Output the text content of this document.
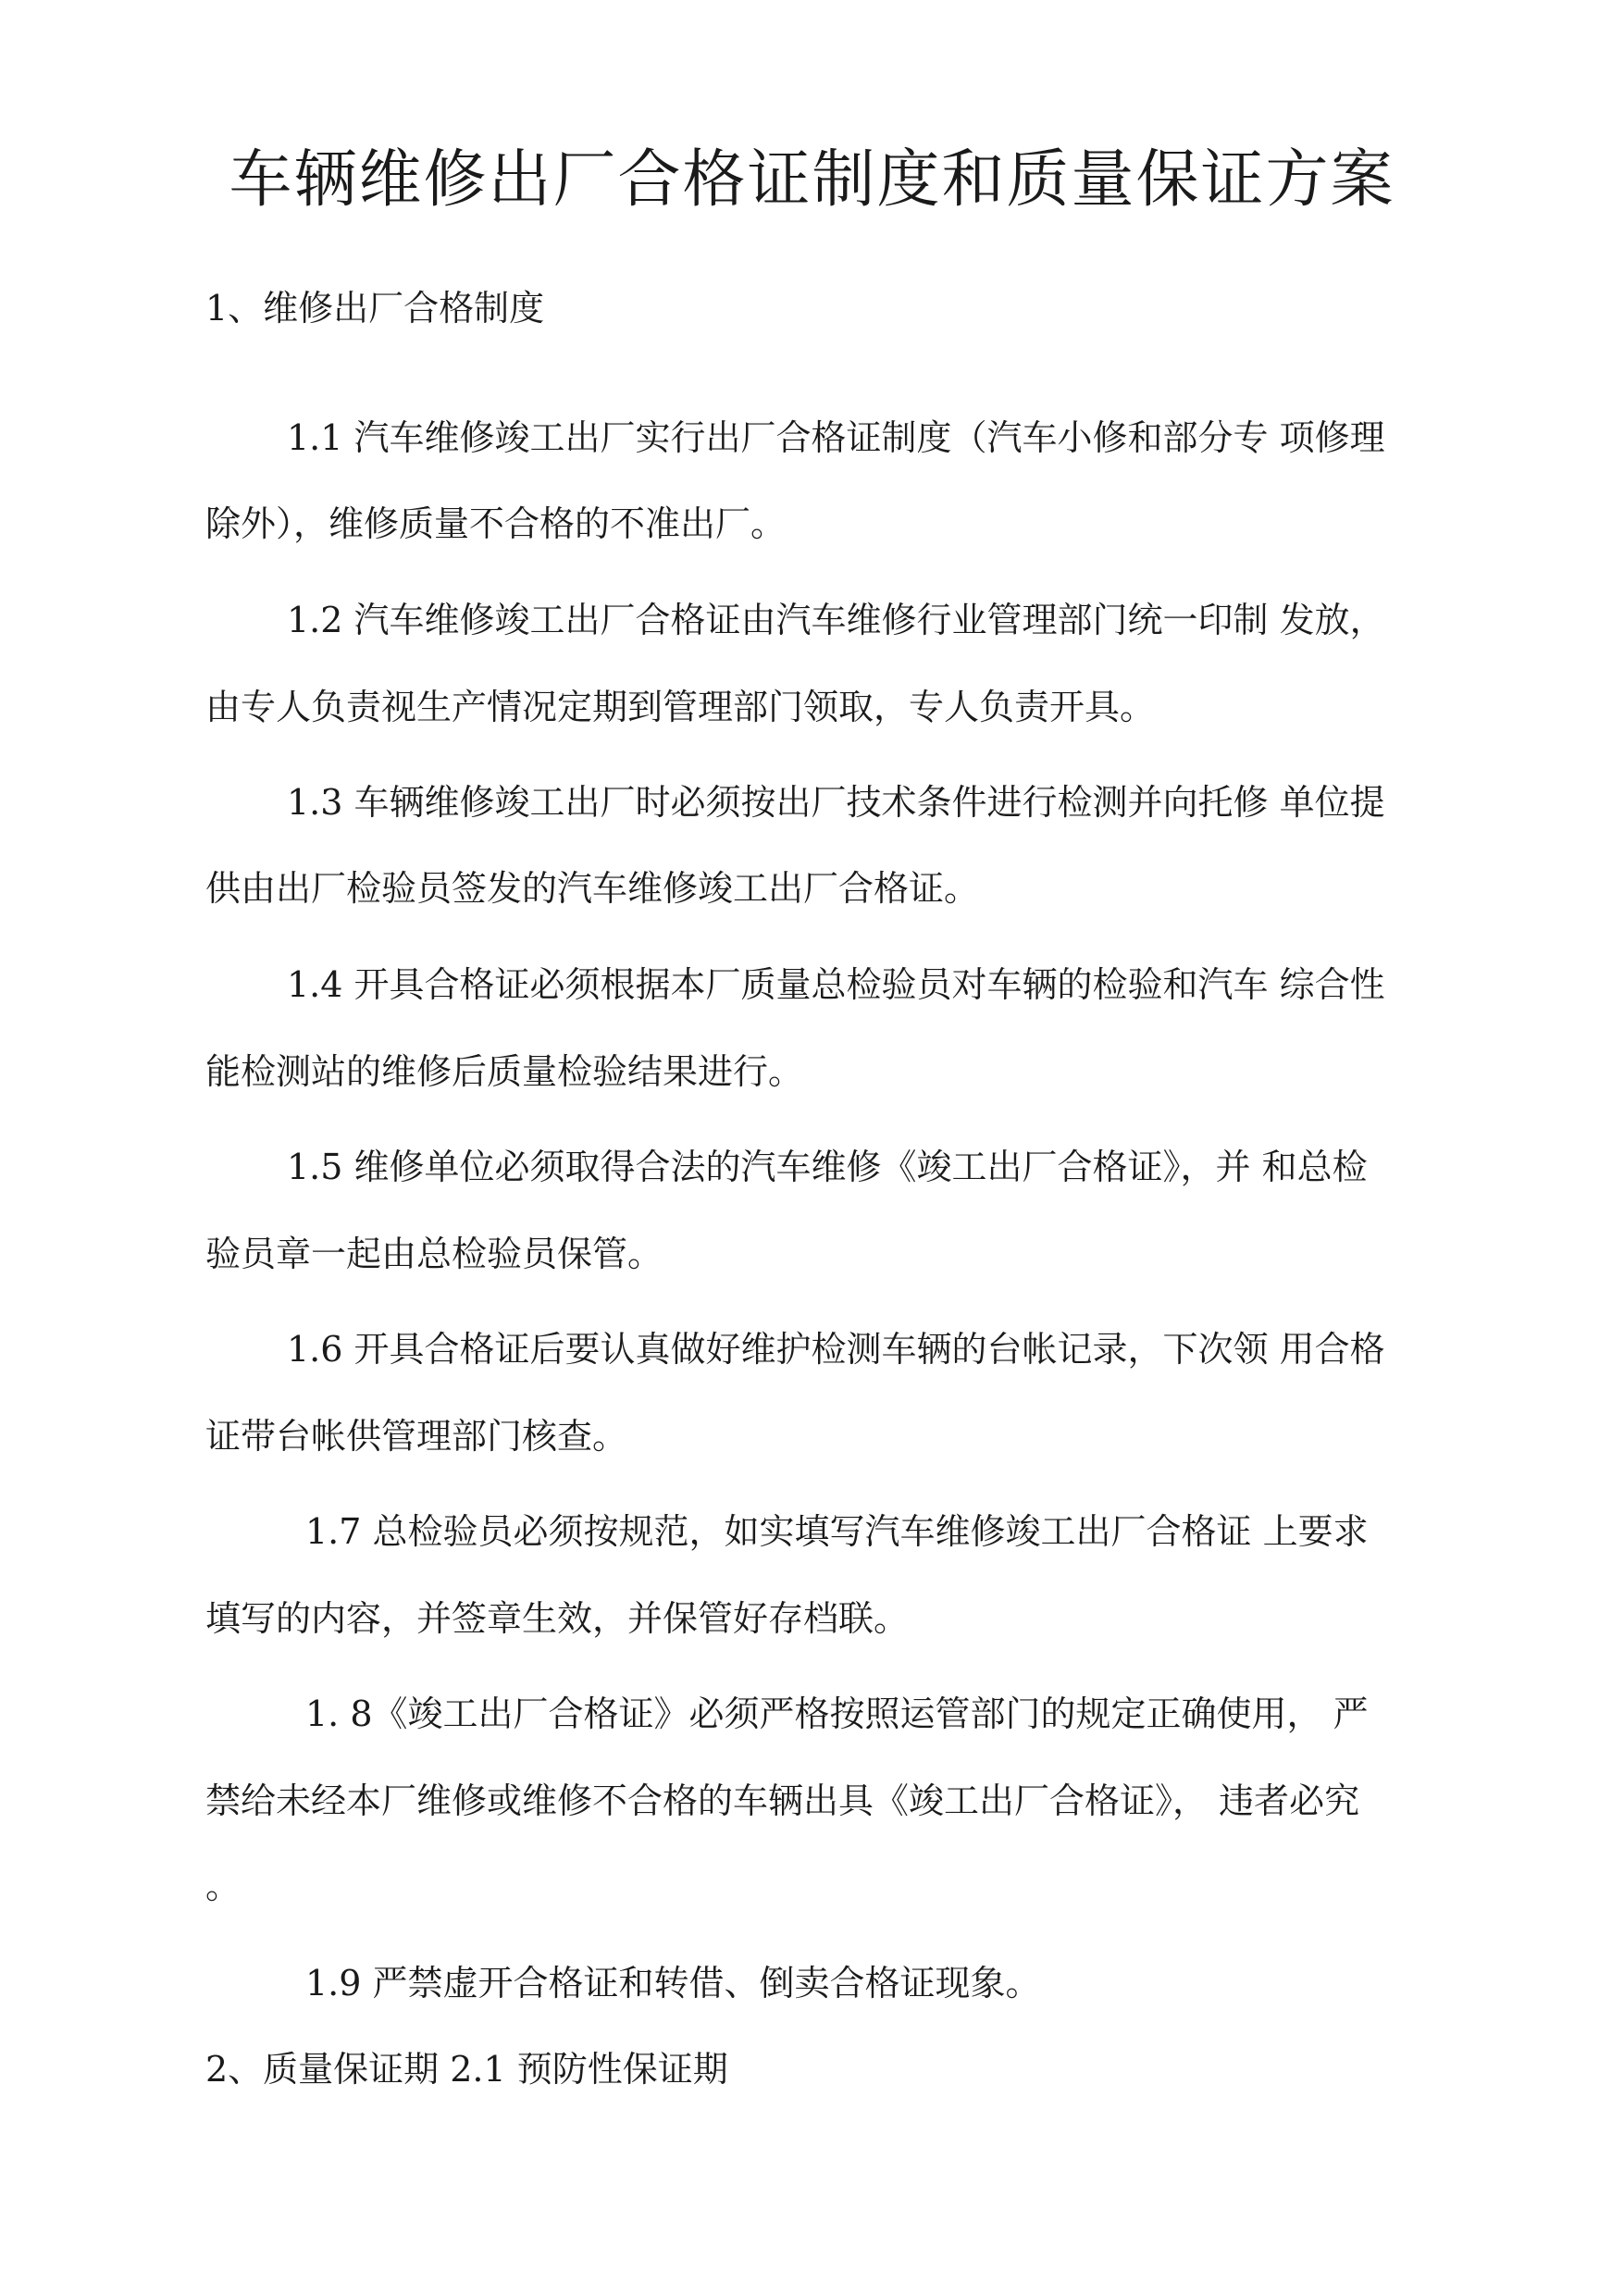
车辆维修出厂合格证制度和质量保证方案
1、维修出厂合格制度
1.1 汽车维修竣工出厂实行出厂合格证制度（汽车小修和部分专 项修理
除外），维修质量不合格的不准出厂。
1.2 汽车维修竣工出厂合格证由汽车维修行业管理部门统一印制 发放，
由专人负责视生产情况定期到管理部门领取，专人负责开具。
1.3 车辆维修竣工出厂时必须按出厂技术条件进行检测并向托修 单位提
供由出厂检验员签发的汽车维修竣工出厂合格证。
1.4 开具合格证必须根据本厂质量总检验员对车辆的检验和汽车 综合性
能检测站的维修后质量检验结果进行。
1.5 维修单位必须取得合法的汽车维修《竣工出厂合格证》，并 和总检
验员章一起由总检验员保管。
1.6 开具合格证后要认真做好维护检测车辆的台帐记录，下次领 用合格
证带台帐供管理部门核查。
1.7 总检验员必须按规范，如实填写汽车维修竣工出厂合格证 上要求
填写的内容，并签章生效，并保管好存档联。
1. 8《竣工出厂合格证》必须严格按照运管部门的规定正确使用， 严
禁给未经本厂维修或维修不合格的车辆出具《竣工出厂合格证》， 违者必究
。
1.9 严禁虚开合格证和转借、倒卖合格证现象。
2、质量保证期 2.1 预防性保证期
